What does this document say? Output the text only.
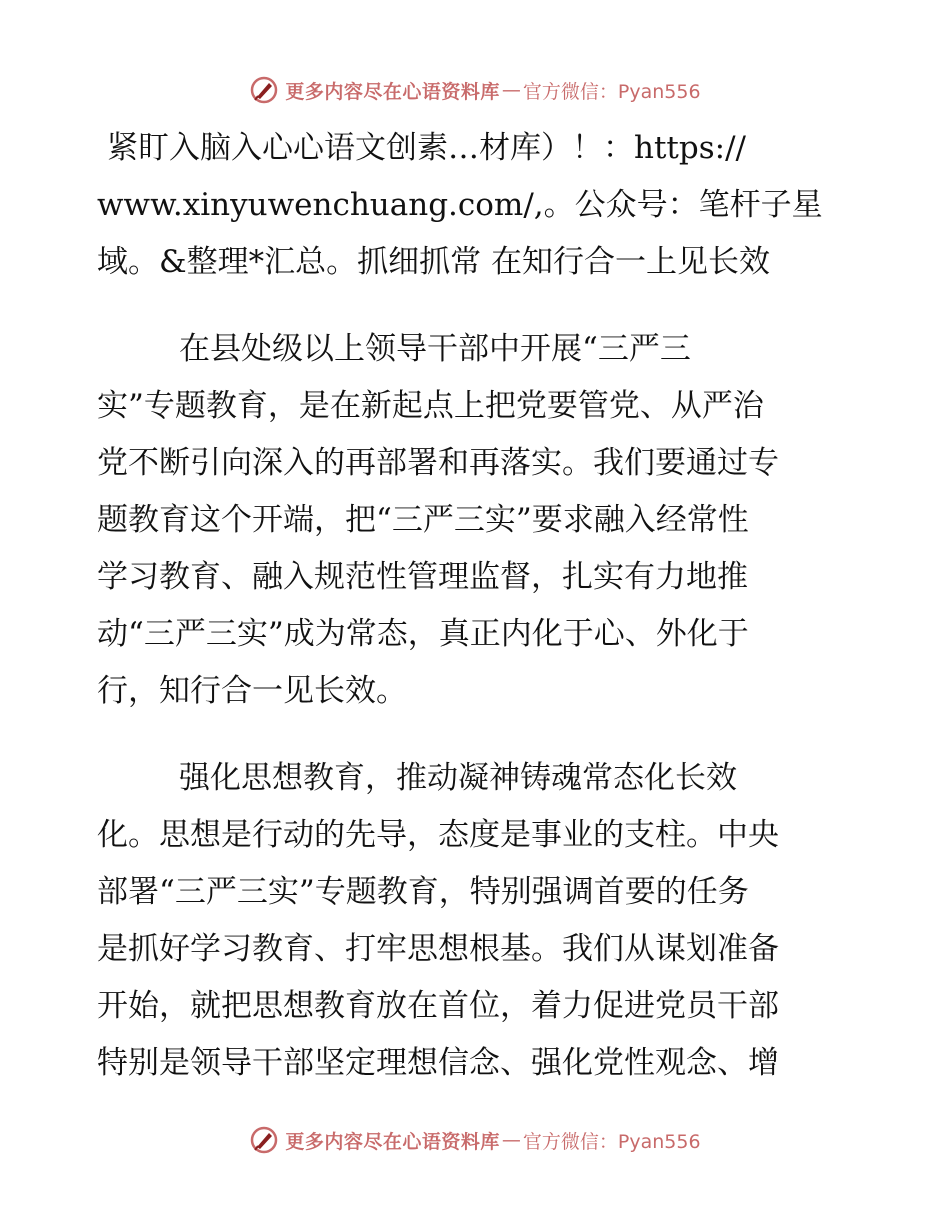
更多内容尽在心语资料库 — 官方微信：Pyan556
紧盯入脑入心心语文创素…材库）！：https://
www.xinyuwenchuang.com/,。公众号：笔杆子星
域。&整理*汇总。抓细抓常 在知行合一上见长效
在县处级以上领导干部中开展“三严三
实”专题教育，是在新起点上把党要管党、从严治
党不断引向深入的再部署和再落实。我们要通过专
题教育这个开端，把“三严三实”要求融入经常性
学习教育、融入规范性管理监督，扎实有力地推
动“三严三实”成为常态，真正内化于心、外化于
行，知行合一见长效。
强化思想教育，推动凝神铸魂常态化长效
化。思想是行动的先导，态度是事业的支柱。中央
部署“三严三实”专题教育，特别强调首要的任务
是抓好学习教育、打牢思想根基。我们从谋划准备
开始，就把思想教育放在首位，着力促进党员干部
特别是领导干部坚定理想信念、强化党性观念、增
更多内容尽在心语资料库 — 官方微信：Pyan556
